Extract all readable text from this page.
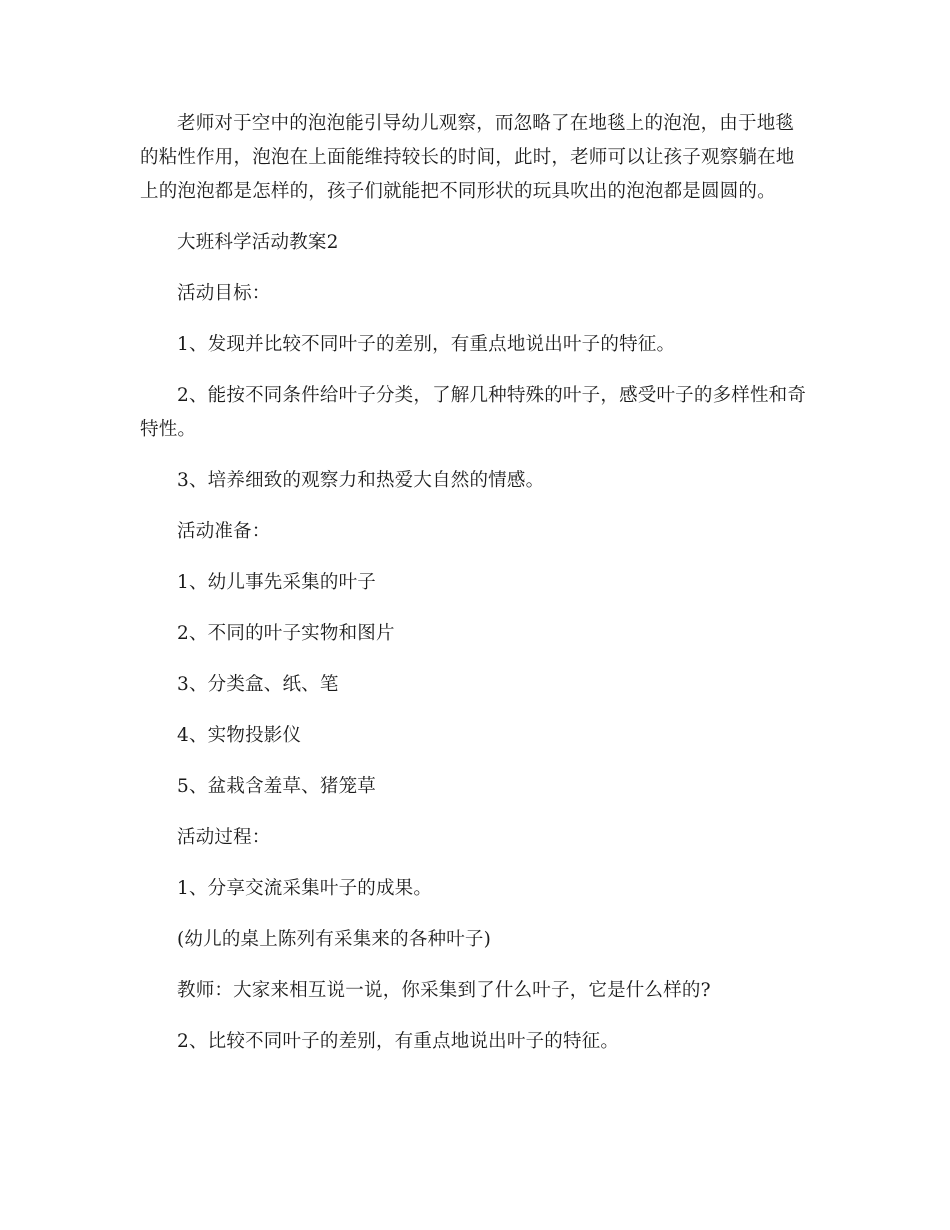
老师对于空中的泡泡能引导幼儿观察，而忽略了在地毯上的泡泡，由于地毯的粘性作用，泡泡在上面能维持较长的时间，此时，老师可以让孩子观察躺在地上的泡泡都是怎样的，孩子们就能把不同形状的玩具吹出的泡泡都是圆圆的。

大班科学活动教案2

活动目标：

1、发现并比较不同叶子的差别，有重点地说出叶子的特征。

2、能按不同条件给叶子分类，了解几种特殊的叶子，感受叶子的多样性和奇特性。

3、培养细致的观察力和热爱大自然的情感。

活动准备：

1、幼儿事先采集的叶子

2、不同的叶子实物和图片

3、分类盒、纸、笔

4、实物投影仪

5、盆栽含羞草、猪笼草

活动过程：

1、分享交流采集叶子的成果。

(幼儿的桌上陈列有采集来的各种叶子)

教师：大家来相互说一说，你采集到了什么叶子，它是什么样的?

2、比较不同叶子的差别，有重点地说出叶子的特征。
